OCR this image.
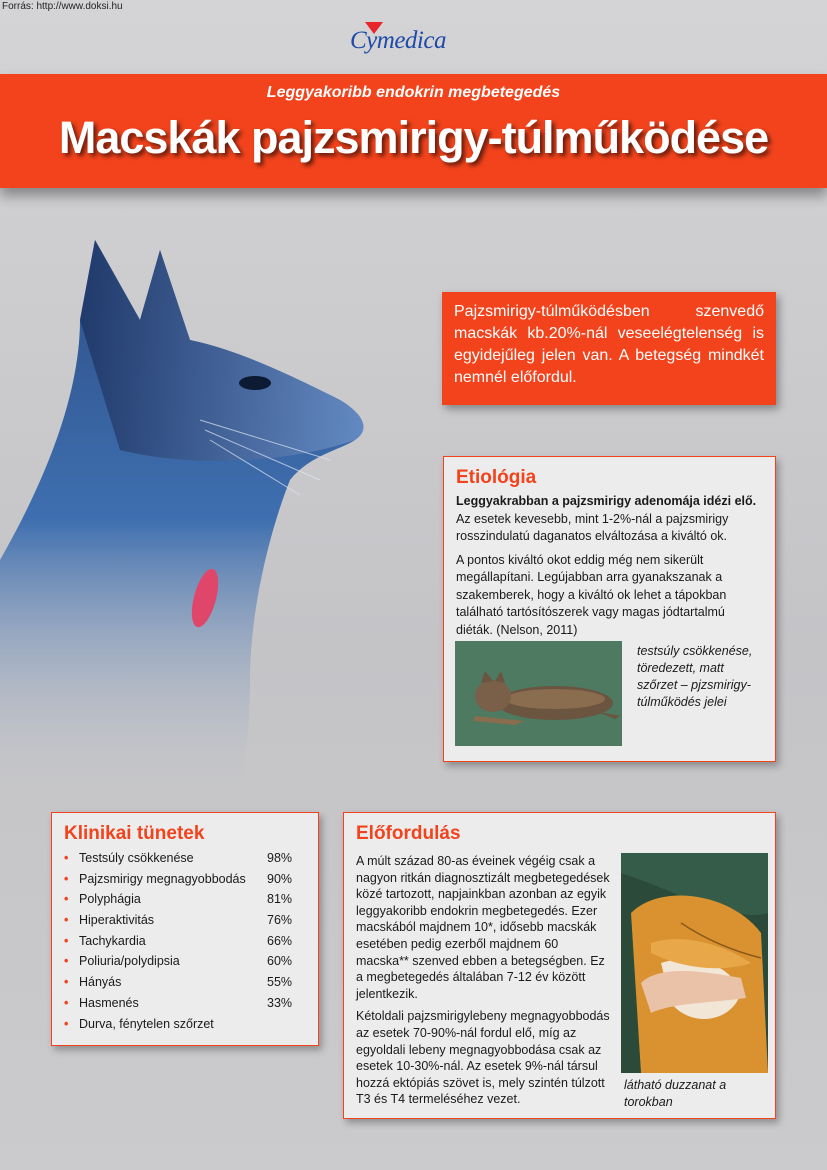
Forrás: http://www.doksi.hu
Cymedica
Leggyakoribb endokrin megbetegedés
Macskák pajzsmirigy-túlműködése
Pajzsmirigy-túlműködésben szenvedő macskák kb.20%-nál veseelégtelenség is egyidejűleg jelen van. A betegség mindkét nemnél előfordul.
Etiológia

Leggyakrabban a pajzsmirigy adenomája idézi elő. Az esetek kevesebb, mint 1-2%-nál a pajzsmirigy rosszindulatú daganatos elváltozása a kiváltó ok.

A pontos kiváltó okot eddig még nem sikerült megállapítani. Legújabban arra gyanakszanak a szakemberek, hogy a kiváltó ok lehet a tápokban található tartósítószerek vagy magas jódtartalmú diéták. (Nelson, 2011)

testsúly csökkenése, töredezett, matt szőrzet – pjzsmirigy-túlműködés jelei
Klinikai tünetek
• Testsúly csökkenése	98%
• Pajzsmirigy megnagyobbodás 90%
• Polyphágia	81%
• Hiperaktivitás	76%
• Tachykardia	66%
• Poliuria/polydipsia	60%
• Hányás	55%
• Hasmenés	33%
• Durva, fénytelen szőrzet
Előfordulás

A múlt század 80-as éveinek végéig csak a nagyon ritkán diagnosztizált megbetegedések közé tartozott, napjainkban azonban az egyik leggyakoribb endokrin megbetegedés. Ezer macskából majdnem 10*, idősebb macskák esetében pedig ezerből majdnem 60 macska** szenved ebben a betegségben. Ez a megbetegedés általában 7-12 év között jelentkezik.

Kétoldali pajzsmirigylebeny megnagyobbodás az esetek 70-90%-nál fordul elő, míg az egyoldali lebeny megnagyobbodása csak az esetek 10-30%-nál. Az esetek 9%-nál társul hozzá ektópiás szövet is, mely szintén túlzott T3 és T4 termeléséhez vezet.

látható duzzanat a torokban
